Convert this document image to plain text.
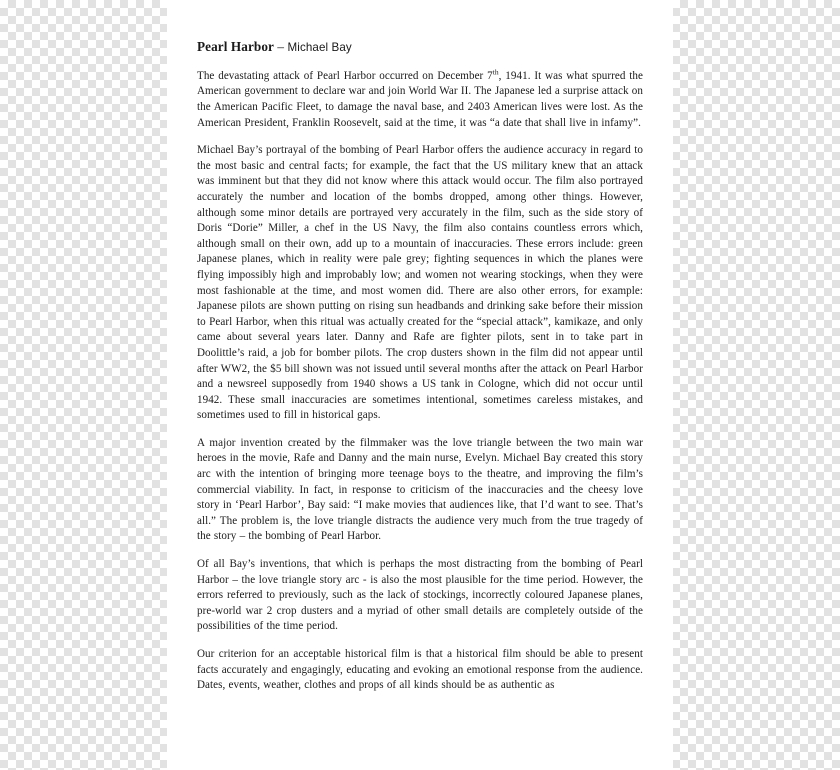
Pearl Harbor – Michael Bay

The devastating attack of Pearl Harbor occurred on December 7th, 1941. It was what spurred the American government to declare war and join World War II. The Japanese led a surprise attack on the American Pacific Fleet, to damage the naval base, and 2403 American lives were lost. As the American President, Franklin Roosevelt, said at the time, it was “a date that shall live in infamy”.

Michael Bay’s portrayal of the bombing of Pearl Harbor offers the audience accuracy in regard to the most basic and central facts; for example, the fact that the US military knew that an attack was imminent but that they did not know where this attack would occur. The film also portrayed accurately the number and location of the bombs dropped, among other things. However, although some minor details are portrayed very accurately in the film, such as the side story of Doris “Dorie” Miller, a chef in the US Navy, the film also contains countless errors which, although small on their own, add up to a mountain of inaccuracies. These errors include: green Japanese planes, which in reality were pale grey; fighting sequences in which the planes were flying impossibly high and improbably low; and women not wearing stockings, when they were most fashionable at the time, and most women did. There are also other errors, for example: Japanese pilots are shown putting on rising sun headbands and drinking sake before their mission to Pearl Harbor, when this ritual was actually created for the “special attack”, kamikaze, and only came about several years later. Danny and Rafe are fighter pilots, sent in to take part in Doolittle’s raid, a job for bomber pilots. The crop dusters shown in the film did not appear until after WW2, the $5 bill shown was not issued until several months after the attack on Pearl Harbor and a newsreel supposedly from 1940 shows a US tank in Cologne, which did not occur until 1942. These small inaccuracies are sometimes intentional, sometimes careless mistakes, and sometimes used to fill in historical gaps.

A major invention created by the filmmaker was the love triangle between the two main war heroes in the movie, Rafe and Danny and the main nurse, Evelyn. Michael Bay created this story arc with the intention of bringing more teenage boys to the theatre, and improving the film’s commercial viability. In fact, in response to criticism of the inaccuracies and the cheesy love story in ‘Pearl Harbor’, Bay said: “I make movies that audiences like, that I’d want to see. That’s all.” The problem is, the love triangle distracts the audience very much from the true tragedy of the story – the bombing of Pearl Harbor.

Of all Bay’s inventions, that which is perhaps the most distracting from the bombing of Pearl Harbor – the love triangle story arc - is also the most plausible for the time period. However, the errors referred to previously, such as the lack of stockings, incorrectly coloured Japanese planes, pre-world war 2 crop dusters and a myriad of other small details are completely outside of the possibilities of the time period.

Our criterion for an acceptable historical film is that a historical film should be able to present facts accurately and engagingly, educating and evoking an emotional response from the audience. Dates, events, weather, clothes and props of all kinds should be as authentic as
